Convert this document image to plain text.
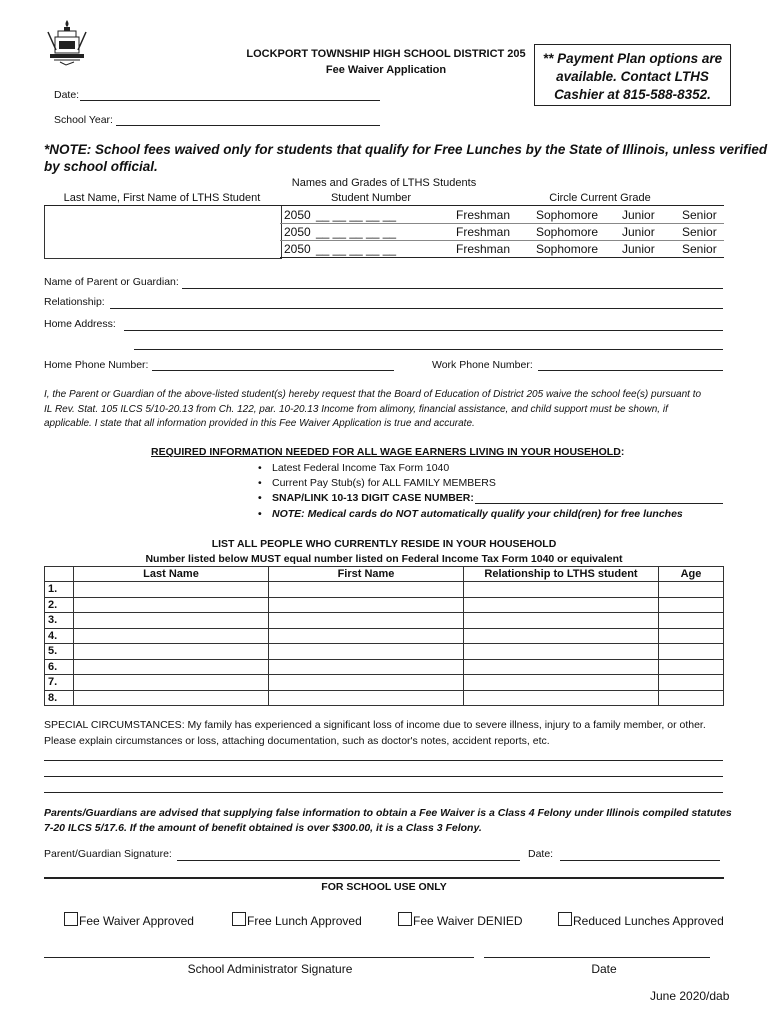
LOCKPORT TOWNSHIP HIGH SCHOOL DISTRICT 205
Fee Waiver Application
** Payment Plan options are
available. Contact LTHS
Cashier at 815-588-8352.
Date:
School Year:
*NOTE: School fees waived only for students that qualify for Free Lunches by the State of Illinois, unless verified
by school official.
Names and Grades of LTHS Students
Last Name, First Name of LTHS Student	Student Number	Circle Current Grade
2050 __ __ __ __ __	Freshman Sophomore Junior Senior
2050 __ __ __ __ __	Freshman Sophomore Junior Senior
2050 __ __ __ __ __	Freshman Sophomore Junior Senior
Name of Parent or Guardian:
Relationship:
Home Address:
Home Phone Number:	Work Phone Number:
I, the Parent or Guardian of the above-listed student(s) hereby request that the Board of Education of District 205 waive the school fee(s) pursuant to
IL Rev. Stat. 105 ILCS 5/10-20.13 from Ch. 122, par. 10-20.13 Income from alimony, financial assistance, and child support must be shown, if
applicable. I state that all information provided in this Fee Waiver Application is true and accurate.
REQUIRED INFORMATION NEEDED FOR ALL WAGE EARNERS LIVING IN YOUR HOUSEHOLD:
• Latest Federal Income Tax Form 1040
• Current Pay Stub(s) for ALL FAMILY MEMBERS
• SNAP/LINK 10-13 DIGIT CASE NUMBER:
• NOTE: Medical cards do NOT automatically qualify your child(ren) for free lunches
LIST ALL PEOPLE WHO CURRENTLY RESIDE IN YOUR HOUSEHOLD
Number listed below MUST equal number listed on Federal Income Tax Form 1040 or equivalent
	Last Name	First Name	Relationship to LTHS student	Age
1.				
2.				
3.				
4.				
5.				
6.				
7.				
8.				
SPECIAL CIRCUMSTANCES: My family has experienced a significant loss of income due to severe illness, injury to a family member, or other.
Please explain circumstances or loss, attaching documentation, such as doctor's notes, accident reports, etc.
Parents/Guardians are advised that supplying false information to obtain a Fee Waiver is a Class 4 Felony under Illinois compiled statutes
7-20 ILCS 5/17.6. If the amount of benefit obtained is over $300.00, it is a Class 3 Felony.
Parent/Guardian Signature:	Date:
FOR SCHOOL USE ONLY
Fee Waiver Approved	Free Lunch Approved	Fee Waiver DENIED	Reduced Lunches Approved
School Administrator Signature	Date
June 2020/dab
